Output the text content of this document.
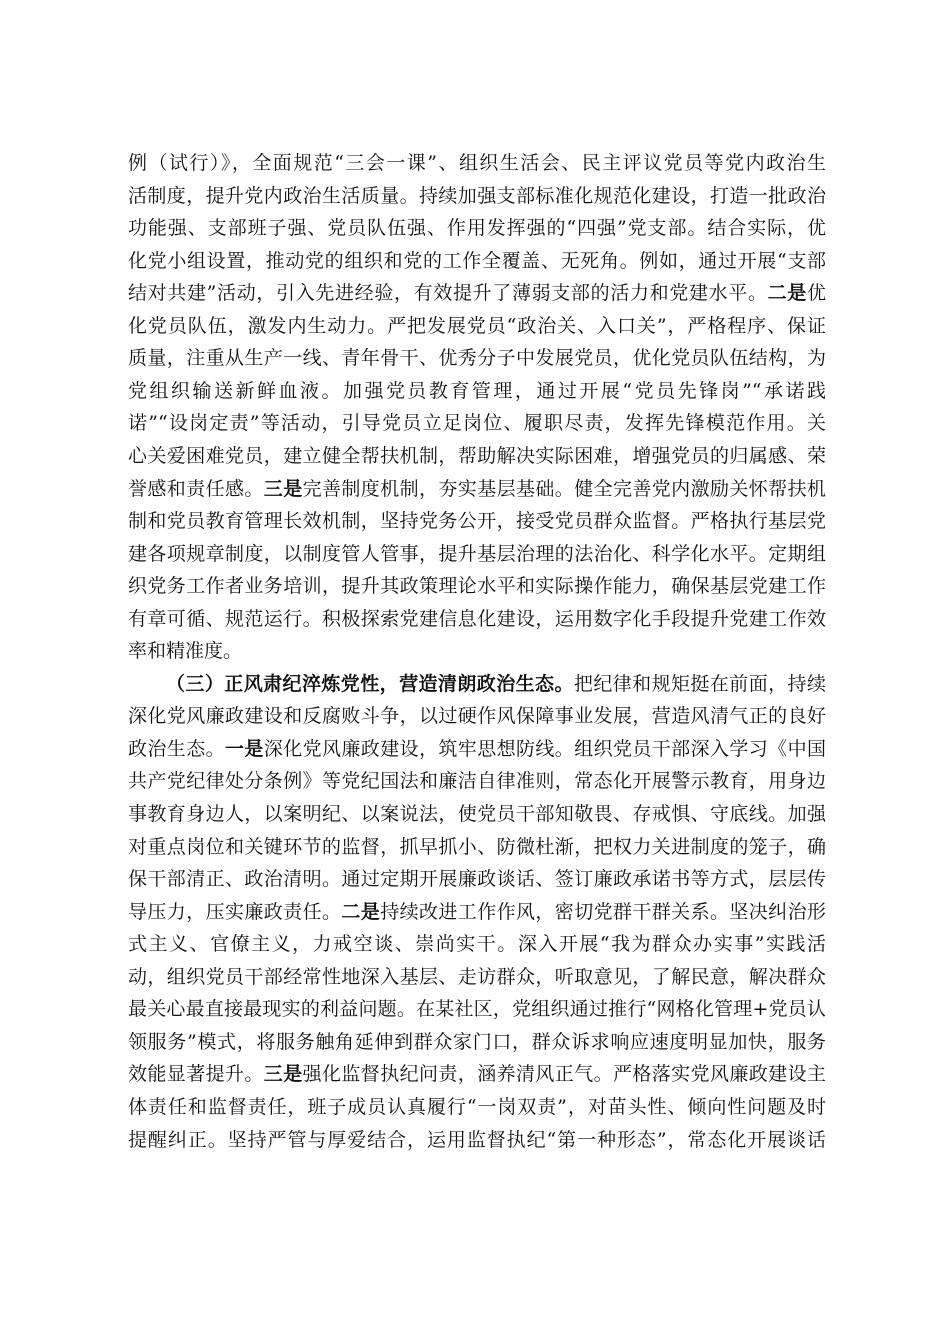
例（试行）》，全面规范“三会一课”、组织生活会、民主评议党员等党内政治生
活制度，提升党内政治生活质量。持续加强支部标准化规范化建设，打造一批政治
功能强、支部班子强、党员队伍强、作用发挥强的“四强”党支部。结合实际，优
化党小组设置，推动党的组织和党的工作全覆盖、无死角。例如，通过开展“支部
结对共建”活动，引入先进经验，有效提升了薄弱支部的活力和党建水平。二是优
化党员队伍，激发内生动力。严把发展党员“政治关、入口关”，严格程序、保证
质量，注重从生产一线、青年骨干、优秀分子中发展党员，优化党员队伍结构，为
党组织输送新鲜血液。加强党员教育管理，通过开展“党员先锋岗”“承诺践
诺”“设岗定责”等活动，引导党员立足岗位、履职尽责，发挥先锋模范作用。关
心关爱困难党员，建立健全帮扶机制，帮助解决实际困难，增强党员的归属感、荣
誉感和责任感。三是完善制度机制，夯实基层基础。健全完善党内激励关怀帮扶机
制和党员教育管理长效机制，坚持党务公开，接受党员群众监督。严格执行基层党
建各项规章制度，以制度管人管事，提升基层治理的法治化、科学化水平。定期组
织党务工作者业务培训，提升其政策理论水平和实际操作能力，确保基层党建工作
有章可循、规范运行。积极探索党建信息化建设，运用数字化手段提升党建工作效
率和精准度。
（三）正风肃纪淬炼党性，营造清朗政治生态。把纪律和规矩挺在前面，持续
深化党风廉政建设和反腐败斗争，以过硬作风保障事业发展，营造风清气正的良好
政治生态。一是深化党风廉政建设，筑牢思想防线。组织党员干部深入学习《中国
共产党纪律处分条例》等党纪国法和廉洁自律准则，常态化开展警示教育，用身边
事教育身边人，以案明纪、以案说法，使党员干部知敬畏、存戒惧、守底线。加强
对重点岗位和关键环节的监督，抓早抓小、防微杜渐，把权力关进制度的笼子，确
保干部清正、政治清明。通过定期开展廉政谈话、签订廉政承诺书等方式，层层传
导压力，压实廉政责任。二是持续改进工作作风，密切党群干群关系。坚决纠治形
式主义、官僚主义，力戒空谈、崇尚实干。深入开展“我为群众办实事”实践活
动，组织党员干部经常性地深入基层、走访群众，听取意见，了解民意，解决群众
最关心最直接最现实的利益问题。在某社区，党组织通过推行“网格化管理+党员认
领服务”模式，将服务触角延伸到群众家门口，群众诉求响应速度明显加快，服务
效能显著提升。三是强化监督执纪问责，涵养清风正气。严格落实党风廉政建设主
体责任和监督责任，班子成员认真履行“一岗双责”，对苗头性、倾向性问题及时
提醒纠正。坚持严管与厚爱结合，运用监督执纪“第一种形态”，常态化开展谈话
